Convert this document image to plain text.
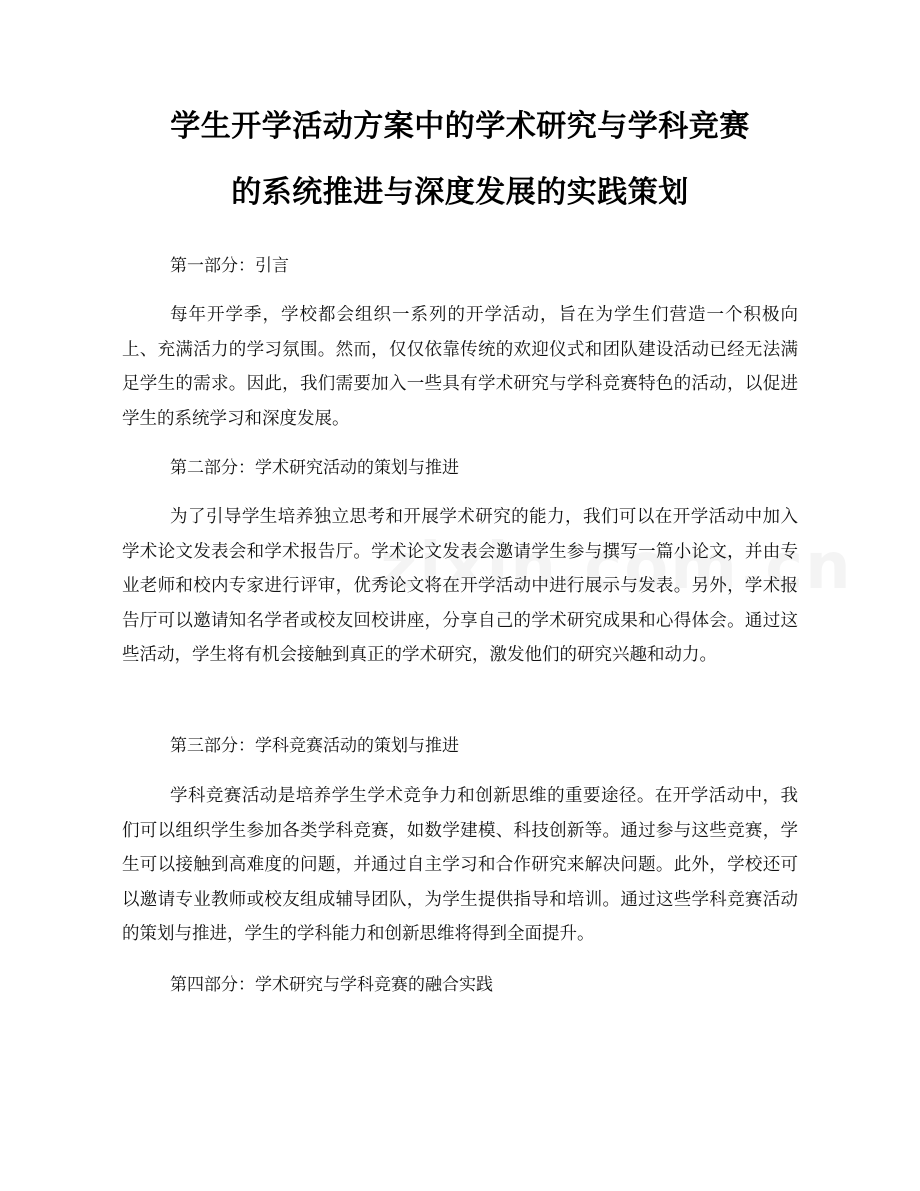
学生开学活动方案中的学术研究与学科竞赛
的系统推进与深度发展的实践策划
第一部分：引言

每年开学季，学校都会组织一系列的开学活动，旨在为学生们营造一个积极向上、充满活力的学习氛围。然而，仅仅依靠传统的欢迎仪式和团队建设活动已经无法满足学生的需求。因此，我们需要加入一些具有学术研究与学科竞赛特色的活动，以促进学生的系统学习和深度发展。

第二部分：学术研究活动的策划与推进

为了引导学生培养独立思考和开展学术研究的能力，我们可以在开学活动中加入学术论文发表会和学术报告厅。学术论文发表会邀请学生参与撰写一篇小论文，并由专业老师和校内专家进行评审，优秀论文将在开学活动中进行展示与发表。另外，学术报告厅可以邀请知名学者或校友回校讲座，分享自己的学术研究成果和心得体会。通过这些活动，学生将有机会接触到真正的学术研究，激发他们的研究兴趣和动力。

第三部分：学科竞赛活动的策划与推进

学科竞赛活动是培养学生学术竞争力和创新思维的重要途径。在开学活动中，我们可以组织学生参加各类学科竞赛，如数学建模、科技创新等。通过参与这些竞赛，学生可以接触到高难度的问题，并通过自主学习和合作研究来解决问题。此外，学校还可以邀请专业教师或校友组成辅导团队，为学生提供指导和培训。通过这些学科竞赛活动的策划与推进，学生的学科能力和创新思维将得到全面提升。

第四部分：学术研究与学科竞赛的融合实践
